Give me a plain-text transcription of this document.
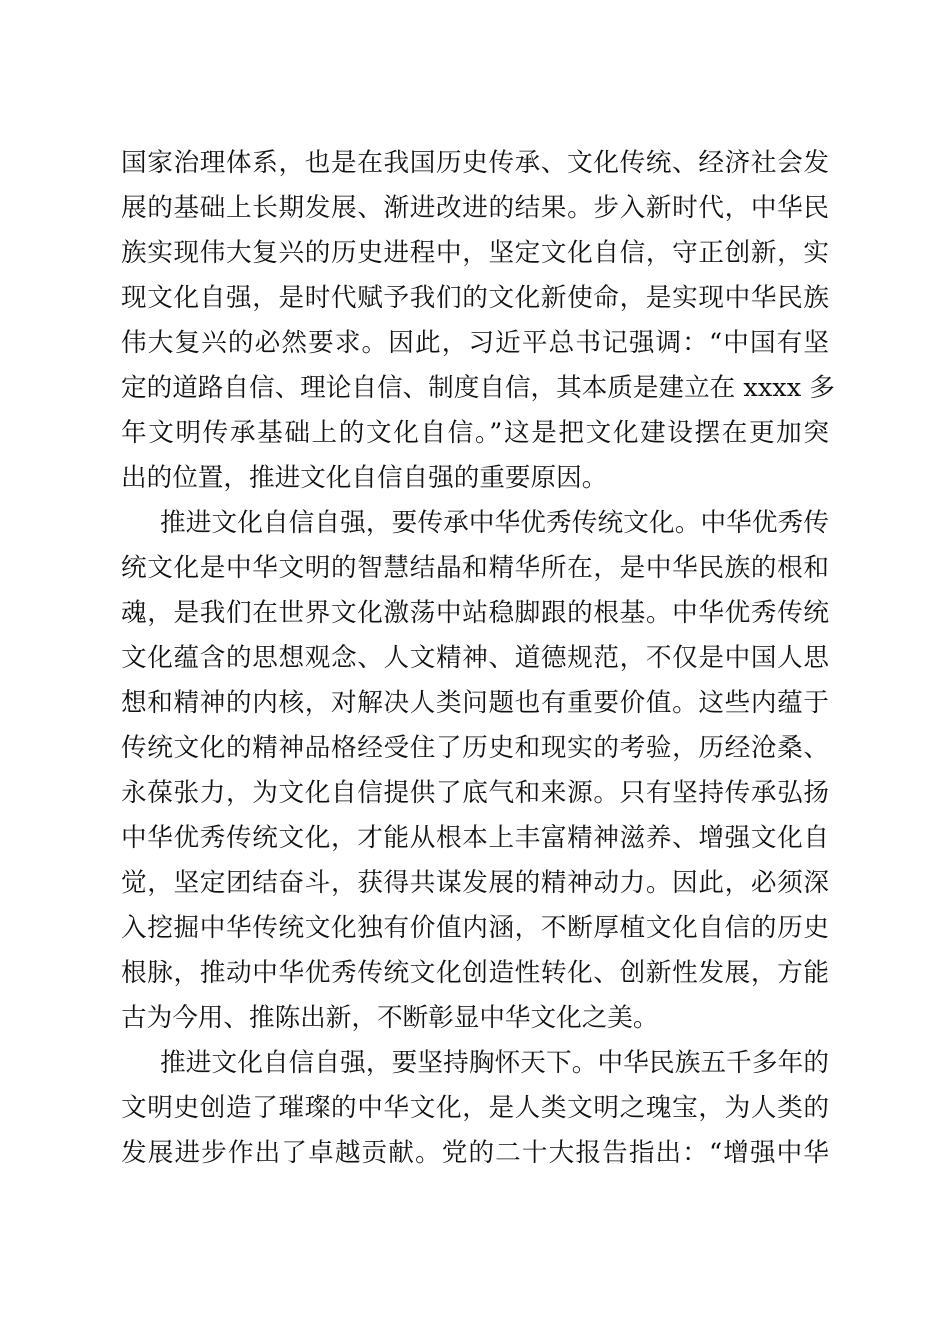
国家治理体系，也是在我国历史传承、文化传统、经济社会发
展的基础上长期发展、渐进改进的结果。步入新时代，中华民
族实现伟大复兴的历史进程中，坚定文化自信，守正创新，实
现文化自强，是时代赋予我们的文化新使命，是实现中华民族
伟大复兴的必然要求。因此，习近平总书记强调：“中国有坚
定的道路自信、理论自信、制度自信，其本质是建立在 xxxx 多
年文明传承基础上的文化自信。”这是把文化建设摆在更加突
出的位置，推进文化自信自强的重要原因。
推进文化自信自强，要传承中华优秀传统文化。中华优秀传
统文化是中华文明的智慧结晶和精华所在，是中华民族的根和
魂，是我们在世界文化激荡中站稳脚跟的根基。中华优秀传统
文化蕴含的思想观念、人文精神、道德规范，不仅是中国人思
想和精神的内核，对解决人类问题也有重要价值。这些内蕴于
传统文化的精神品格经受住了历史和现实的考验，历经沧桑、
永葆张力，为文化自信提供了底气和来源。只有坚持传承弘扬
中华优秀传统文化，才能从根本上丰富精神滋养、增强文化自
觉，坚定团结奋斗，获得共谋发展的精神动力。因此，必须深
入挖掘中华传统文化独有价值内涵，不断厚植文化自信的历史
根脉，推动中华优秀传统文化创造性转化、创新性发展，方能
古为今用、推陈出新，不断彰显中华文化之美。
推进文化自信自强，要坚持胸怀天下。中华民族五千多年的
文明史创造了璀璨的中华文化，是人类文明之瑰宝，为人类的
发展进步作出了卓越贡献。党的二十大报告指出：“增强中华
